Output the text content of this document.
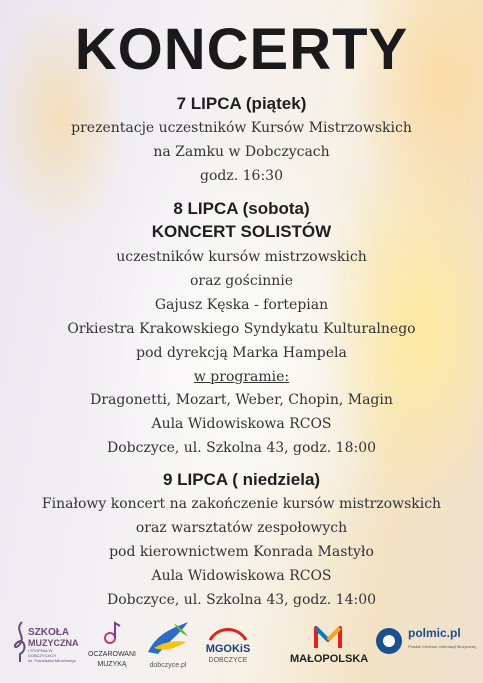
KONCERTY
7 LIPCA (piątek)
prezentacje uczestników Kursów Mistrzowskich
na Zamku w Dobczycach
godz. 16:30
8 LIPCA (sobota)
KONCERT SOLISTÓW
uczestników kursów mistrzowskich
oraz gościnnie
Gajusz Kęska - fortepian
Orkiestra Krakowskiego Syndykatu Kulturalnego
pod dyrekcją Marka Hampela
w programie:
Dragonetti, Mozart, Weber, Chopin, Magin
Aula Widowiskowa RCOS
Dobczyce, ul. Szkolna 43, godz. 18:00
9 LIPCA ( niedziela)
Finałowy koncert na zakończenie kursów mistrzowskich
oraz warsztatów zespołowych
pod kierownictwem Konrada Mastyło
Aula Widowiskowa RCOS
Dobczyce, ul. Szkolna 43, godz. 14:00
SZKOŁA
MUZYCZNA
I STOPNIA W DOBCZYCACH
im. Franciszka Mirochnego
OCZAROWANI
MUZYKĄ	dobczyce.pl
MGOKiS
DOBCZYCE	MAŁOPOLSKA
polmic.pl
Polskie Centrum Informacji Muzycznej
